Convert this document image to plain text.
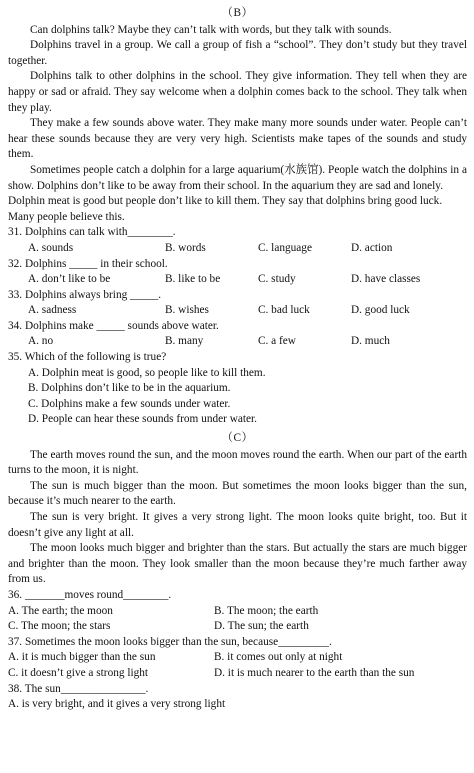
（B）

Can dolphins talk? Maybe they can’t talk with words, but they talk with sounds.

Dolphins travel in a group. We call a group of fish a “school”. They don’t study but they travel together.

Dolphins talk to other dolphins in the school. They give information. They tell when they are happy or sad or afraid. They say welcome when a dolphin comes back to the school. They talk when they play.

They make a few sounds above water. They make many more sounds under water. People can’t hear these sounds because they are very very high. Scientists make tapes of the sounds and study them.

Sometimes people catch a dolphin for a large aquarium(水族馆). People watch the dolphins in a show. Dolphins don’t like to be away from their school. In the aquarium they are sad and lonely.

Dolphin meat is good but people don’t like to kill them. They say that dolphins bring good luck. Many people believe this.

31. Dolphins can talk with________.

A. sounds	B. words	C. language	D. action

32. Dolphins _____ in their school.

A. don’t like to be	B. like to be	C. study	D. have classes

33. Dolphins always bring _____.

A. sadness	B. wishes	C. bad luck	D. good luck

34. Dolphins make _____ sounds above water.

A. no	B. many	C. a few	D. much

35. Which of the following is true?

A. Dolphin meat is good, so people like to kill them.
B. Dolphins don’t like to be in the aquarium.
C. Dolphins make a few sounds under water.
D. People can hear these sounds from under water.
（C）

The earth moves round the sun, and the moon moves round the earth. When our part of the earth turns to the moon, it is night.

The sun is much bigger than the moon. But sometimes the moon looks bigger than the sun, because it’s much nearer to the earth.

The sun is very bright. It gives a very strong light. The moon looks quite bright, too. But it doesn’t give any light at all.

The moon looks much bigger and brighter than the stars. But actually the stars are much bigger and brighter than the moon. They look smaller than the moon because they’re much farther away from us.

36. _______moves round________.

A. The earth; the moon	B. The moon; the earth
C. The moon; the stars	D. The sun; the earth

37. Sometimes the moon looks bigger than the sun, because_________.

A. it is much bigger than the sun	B. it comes out only at night
C. it doesn’t give a strong light	D. it is much nearer to the earth than the sun

38. The sun_______________.

A. is very bright, and it gives a very strong light
